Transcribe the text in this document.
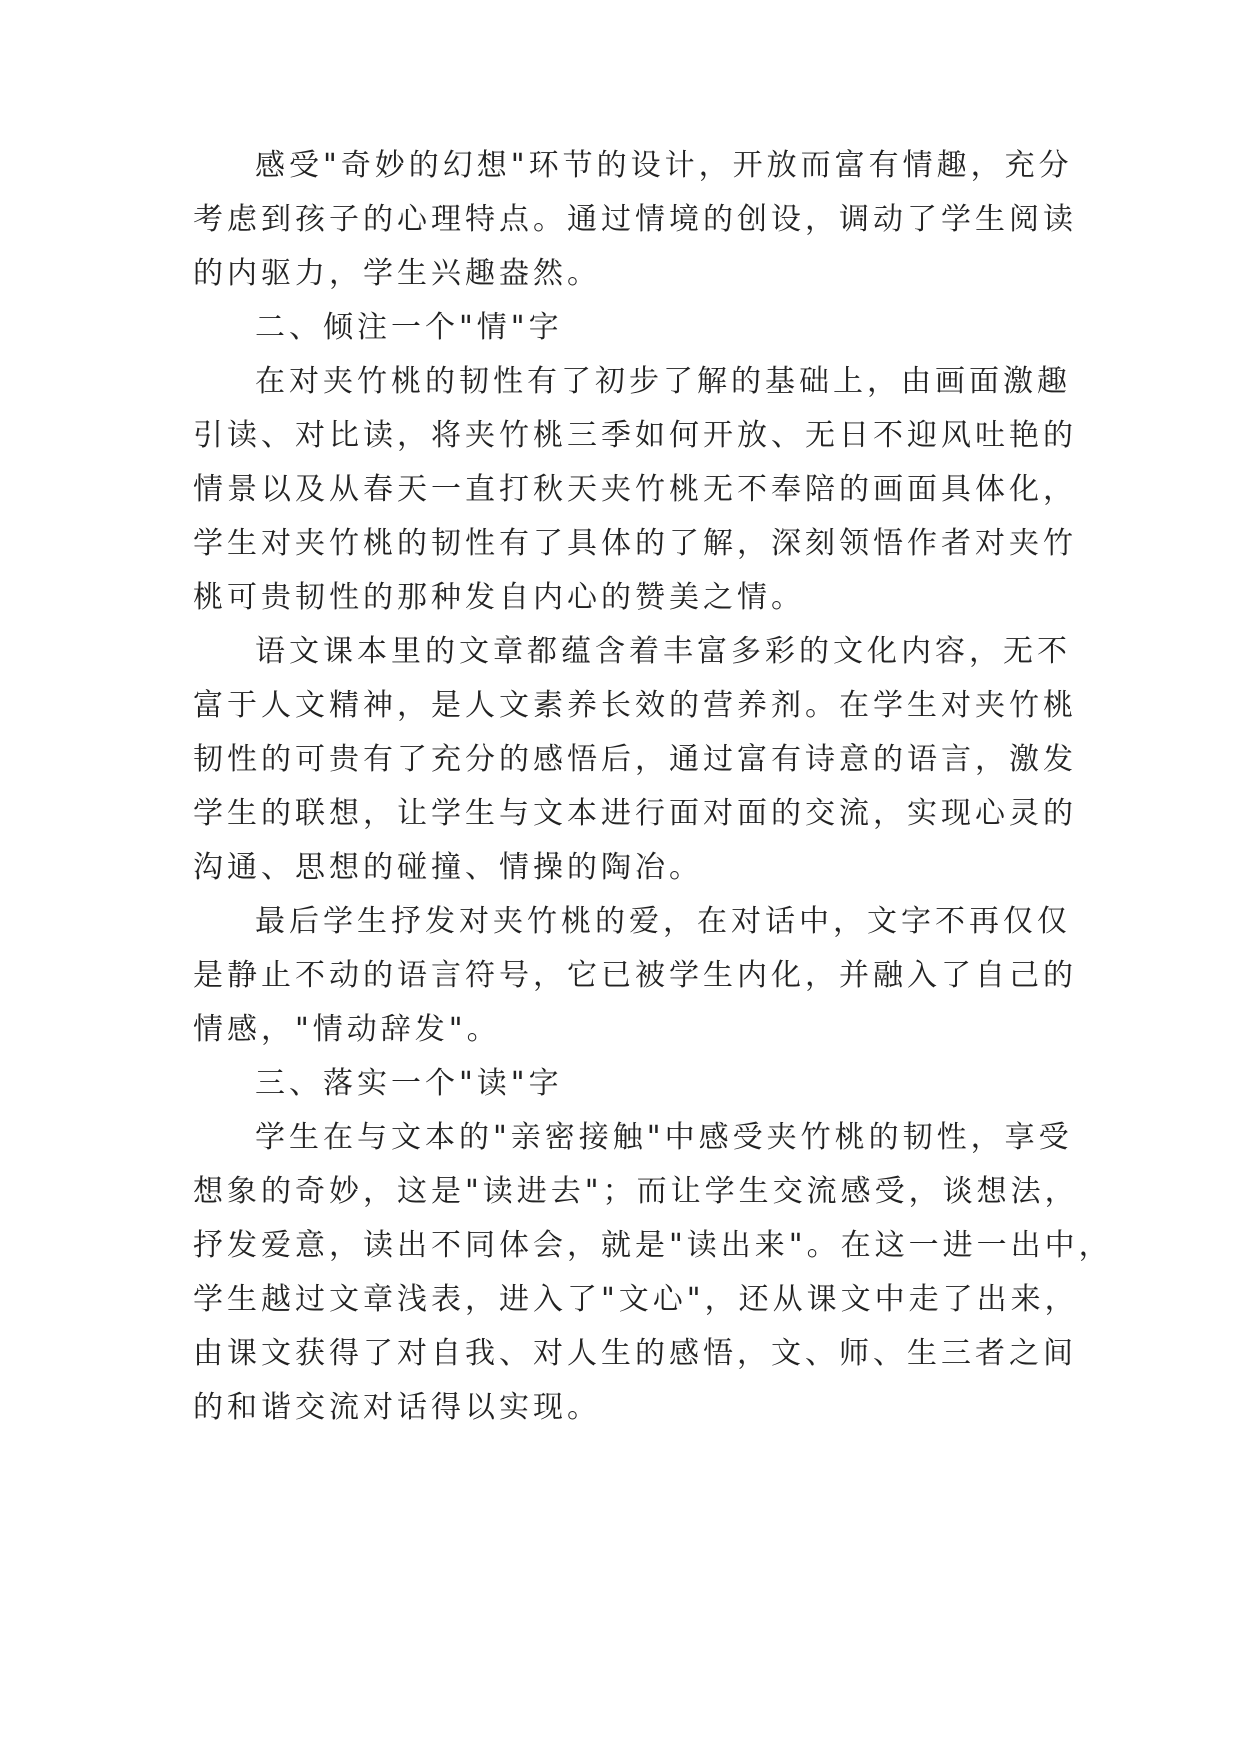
感受"奇妙的幻想"环节的设计，开放而富有情趣，充分
考虑到孩子的心理特点。通过情境的创设，调动了学生阅读
的内驱力，学生兴趣盎然。
二、倾注一个"情"字
在对夹竹桃的韧性有了初步了解的基础上，由画面激趣
引读、对比读，将夹竹桃三季如何开放、无日不迎风吐艳的
情景以及从春天一直打秋天夹竹桃无不奉陪的画面具体化，
学生对夹竹桃的韧性有了具体的了解，深刻领悟作者对夹竹
桃可贵韧性的那种发自内心的赞美之情。
语文课本里的文章都蕴含着丰富多彩的文化内容，无不
富于人文精神，是人文素养长效的营养剂。在学生对夹竹桃
韧性的可贵有了充分的感悟后，通过富有诗意的语言，激发
学生的联想，让学生与文本进行面对面的交流，实现心灵的
沟通、思想的碰撞、情操的陶冶。
最后学生抒发对夹竹桃的爱，在对话中，文字不再仅仅
是静止不动的语言符号，它已被学生内化，并融入了自己的
情感，"情动辞发"。
三、落实一个"读"字
学生在与文本的"亲密接触"中感受夹竹桃的韧性，享受
想象的奇妙，这是"读进去"；而让学生交流感受，谈想法，
抒发爱意，读出不同体会，就是"读出来"。在这一进一出中，
学生越过文章浅表，进入了"文心"，还从课文中走了出来，
由课文获得了对自我、对人生的感悟，文、师、生三者之间
的和谐交流对话得以实现。
